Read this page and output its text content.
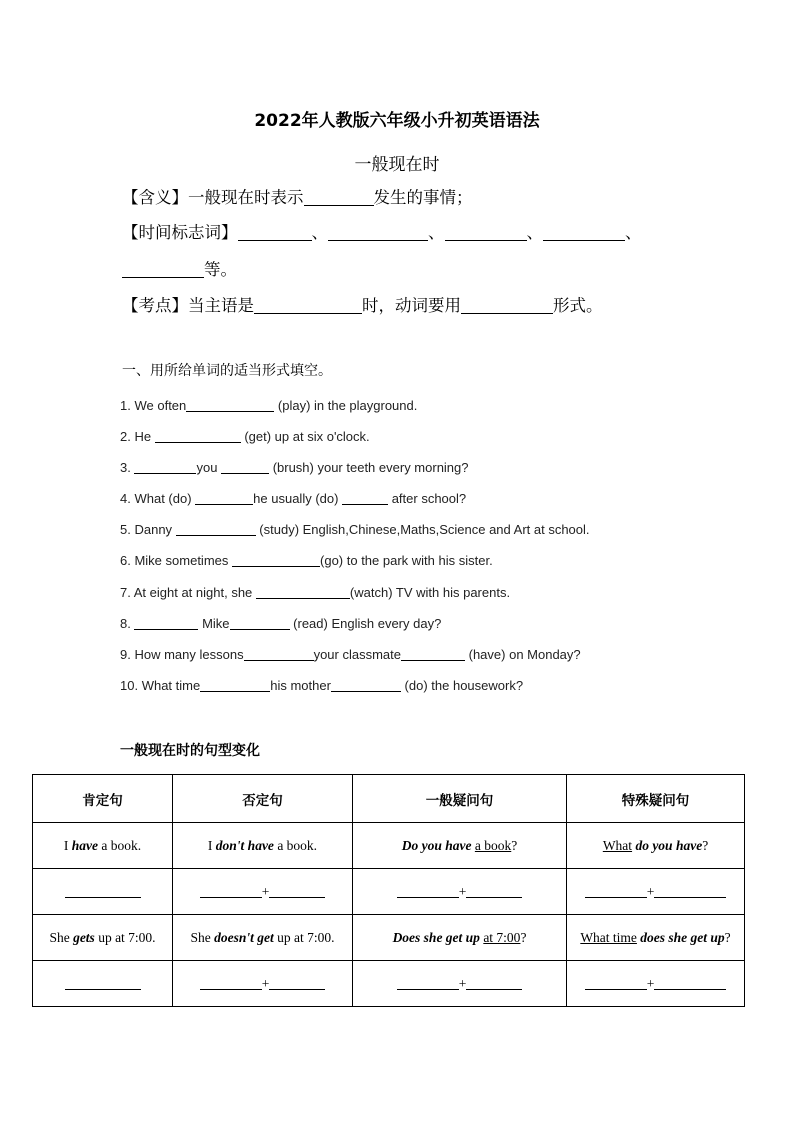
2022年人教版六年级小升初英语语法
一般现在时
【含义】一般现在时表示	发生的事情；
【时间标志词】	、	、	、	、
等。
【考点】当主语是	时，动词要用	形式。
一、用所给单词的适当形式填空。
1. We often	(play) in the playground.
2. He	(get) up at six o'clock.
3.	you	(brush) your teeth every morning?
4. What (do)	he usually (do)	after school?
5. Danny	(study) English,Chinese,Maths,Science and Art at school.
6. Mike sometimes	(go) to the park with his sister.
7. At eight at night, she	(watch) TV with his parents.
8.	Mike	(read) English every day?
9. How many lessons	your classmate	(have) on Monday?
10. What time	his mother	(do) the housework?
一般现在时的句型变化
肯定句	否定句	一般疑问句	特殊疑问句
I have a book.	I don't have a book.	Do you have a book?	What do you have?
	+	+	+
She gets up at 7:00.	She doesn't get up at 7:00.	Does she get up at 7:00?	What time does she get up?
	+	+	+
